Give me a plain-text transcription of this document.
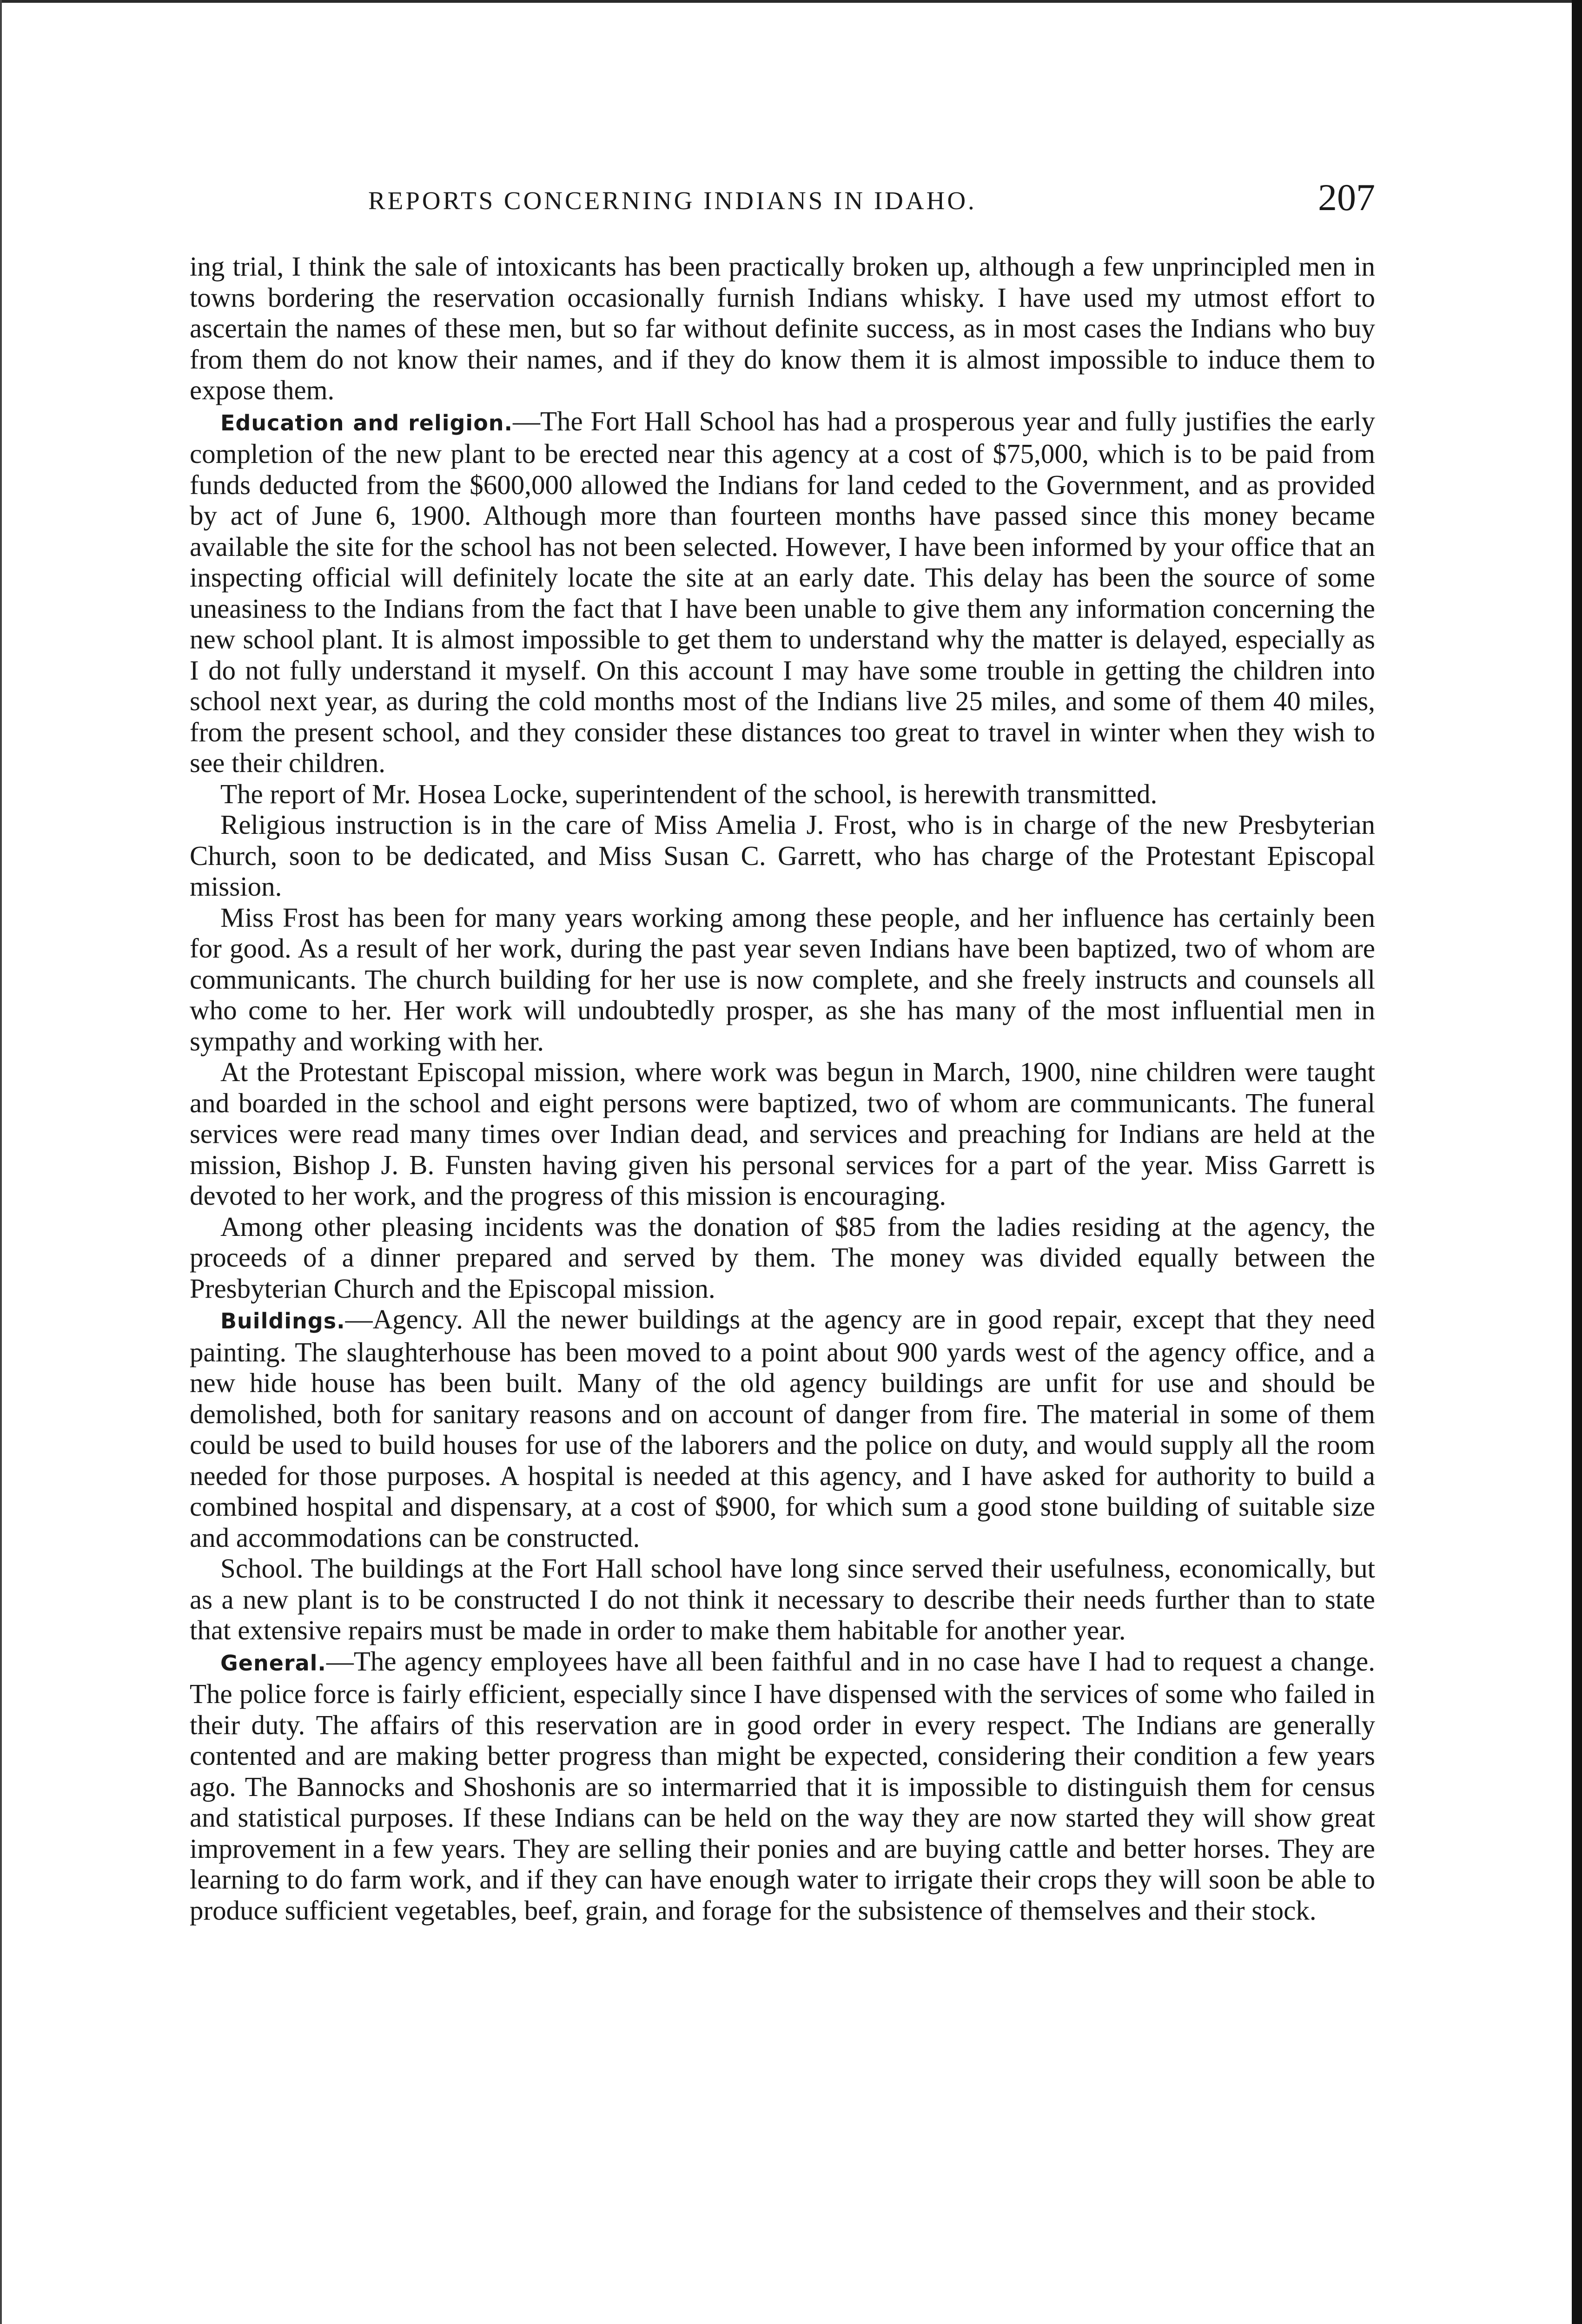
REPORTS CONCERNING INDIANS IN IDAHO.	207

ing trial, I think the sale of intoxicants has been practically broken up, although a few unprincipled men in towns bordering the reservation occasionally furnish Indians whisky. I have used my utmost effort to ascertain the names of these men, but so far without definite success, as in most cases the Indians who buy from them do not know their names, and if they do know them it is almost impossible to induce them to expose them.

Education and religion.—The Fort Hall School has had a prosperous year and fully justifies the early completion of the new plant to be erected near this agency at a cost of $75,000, which is to be paid from funds deducted from the $600,000 allowed the Indians for land ceded to the Government, and as provided by act of June 6, 1900. Although more than fourteen months have passed since this money became available the site for the school has not been selected. However, I have been informed by your office that an inspecting official will definitely locate the site at an early date. This delay has been the source of some uneasiness to the Indians from the fact that I have been unable to give them any information concerning the new school plant. It is almost impossible to get them to understand why the matter is delayed, especially as I do not fully understand it myself. On this account I may have some trouble in getting the children into school next year, as during the cold months most of the Indians live 25 miles, and some of them 40 miles, from the present school, and they consider these distances too great to travel in winter when they wish to see their children.

The report of Mr. Hosea Locke, superintendent of the school, is herewith transmitted.

Religious instruction is in the care of Miss Amelia J. Frost, who is in charge of the new Presbyterian Church, soon to be dedicated, and Miss Susan C. Garrett, who has charge of the Protestant Episcopal mission.

Miss Frost has been for many years working among these people, and her influence has certainly been for good. As a result of her work, during the past year seven Indians have been baptized, two of whom are communicants. The church building for her use is now complete, and she freely instructs and counsels all who come to her. Her work will undoubtedly prosper, as she has many of the most influential men in sympathy and working with her.

At the Protestant Episcopal mission, where work was begun in March, 1900, nine children were taught and boarded in the school and eight persons were baptized, two of whom are communicants. The funeral services were read many times over Indian dead, and services and preaching for Indians are held at the mission, Bishop J. B. Funsten having given his personal services for a part of the year. Miss Garrett is devoted to her work, and the progress of this mission is encouraging.

Among other pleasing incidents was the donation of $85 from the ladies residing at the agency, the proceeds of a dinner prepared and served by them. The money was divided equally between the Presbyterian Church and the Episcopal mission.

Buildings.—Agency. All the newer buildings at the agency are in good repair, except that they need painting. The slaughterhouse has been moved to a point about 900 yards west of the agency office, and a new hide house has been built. Many of the old agency buildings are unfit for use and should be demolished, both for sanitary reasons and on account of danger from fire. The material in some of them could be used to build houses for use of the laborers and the police on duty, and would supply all the room needed for those purposes. A hospital is needed at this agency, and I have asked for authority to build a combined hospital and dispensary, at a cost of $900, for which sum a good stone building of suitable size and accommodations can be constructed.

School. The buildings at the Fort Hall school have long since served their usefulness, economically, but as a new plant is to be constructed I do not think it necessary to describe their needs further than to state that extensive repairs must be made in order to make them habitable for another year.

General.—The agency employees have all been faithful and in no case have I had to request a change. The police force is fairly efficient, especially since I have dispensed with the services of some who failed in their duty. The affairs of this reservation are in good order in every respect. The Indians are generally contented and are making better progress than might be expected, considering their condition a few years ago. The Bannocks and Shoshonis are so intermarried that it is impossible to distinguish them for census and statistical purposes. If these Indians can be held on the way they are now started they will show great improvement in a few years. They are selling their ponies and are buying cattle and better horses. They are learning to do farm work, and if they can have enough water to irrigate their crops they will soon be able to produce sufficient vegetables, beef, grain, and forage for the subsistence of themselves and their stock.
